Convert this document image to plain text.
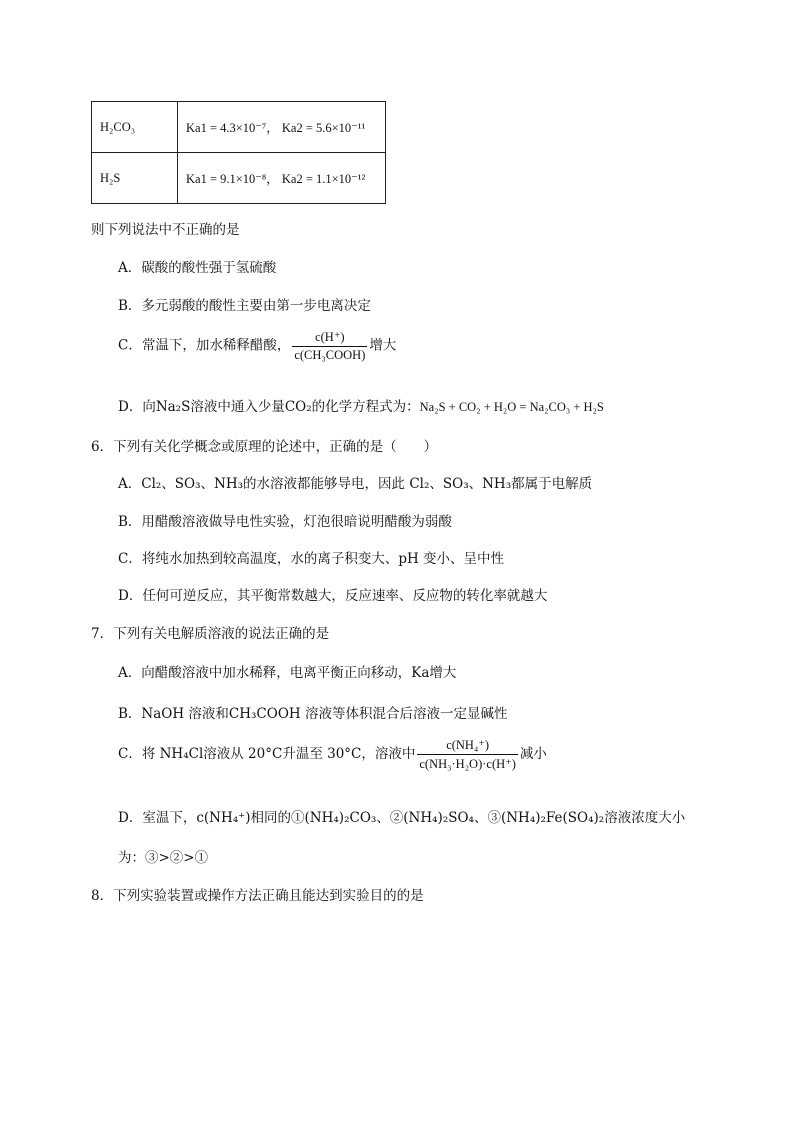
H₂CO₃	Ka1 = 4.3×10⁻⁷， Ka2 = 5.6×10⁻¹¹
H₂S	Ka1 = 9.1×10⁻⁸， Ka2 = 1.1×10⁻¹²
则下列说法中不正确的是
A．碳酸的酸性强于氢硫酸
B．多元弱酸的酸性主要由第一步电离决定
C．常温下，加水稀释醋酸， $\frac{c(H^+)}{\text{c(CH₃COOH)}}$ 增大
D．向Na₂S溶液中通入少量CO₂的化学方程式为：Na₂S + CO₂ + H₂O = Na₂CO₃ + H₂S
6．下列有关化学概念或原理的论述中，正确的是（　　）
A．Cl₂、SO₃、NH₃的水溶液都能够导电，因此 Cl₂、SO₃、NH₃都属于电解质
B．用醋酸溶液做导电性实验，灯泡很暗说明醋酸为弱酸
C．将纯水加热到较高温度，水的离子积变大、pH 变小、呈中性
D．任何可逆反应，其平衡常数越大，反应速率、反应物的转化率就越大
7．下列有关电解质溶液的说法正确的是
A．向醋酸溶液中加水稀释，电离平衡正向移动，Ka增大
B．NaOH 溶液和CH₃COOH 溶液等体积混合后溶液一定显碱性
C．将 NH₄Cl溶液从 20°C升温至 30°C，溶液中 $\frac{\text{c(NH₄⁺)}}{\text{c(NH₃·H₂O)·c(H⁺)}}$ 减小
D．室温下，c(NH₄⁺)相同的①(NH₄)₂CO₃、②(NH₄)₂SO₄、③(NH₄)₂Fe(SO₄)₂溶液浓度大小
为：③>②>①
8．下列实验装置或操作方法正确且能达到实验目的的是
